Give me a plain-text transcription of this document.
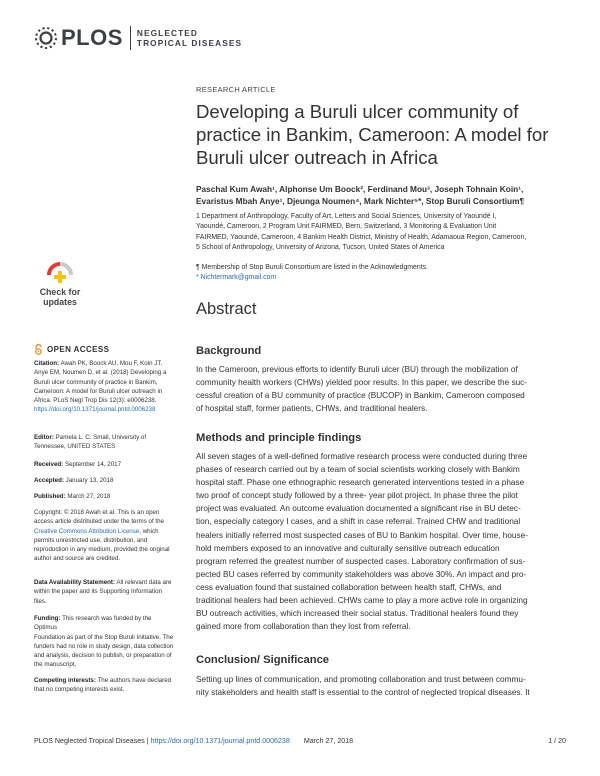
PLOS NEGLECTED
TROPICAL DISEASES
Check for
updates
OPEN ACCESS
Citation: Awah PK, Boock AU, Mou F, Koin JT,
Anye EM, Noumen D, et al. (2018) Developing a
Buruli ulcer community of practice in Bankim,
Cameroon: A model for Buruli ulcer outreach in
Africa. PLoS Negl Trop Dis 12(3): e0006238.
https://doi.org/10.1371/journal.pntd.0006238
Editor: Pamela L. C. Small, University of
Tennessee, UNITED STATES
Received: September 14, 2017
Accepted: January 13, 2018
Published: March 27, 2018
Copyright: © 2018 Awah et al. This is an open
access article distributed under the terms of the
Creative Commons Attribution License, which
permits unrestricted use, distribution, and
reproduction in any medium, provided the original
author and source are credited.
Data Availability Statement: All relevant data are
within the paper and its Supporting Information
files.
Funding: This research was funded by the Optimus
Foundation as part of the Stop Buruli Initiative. The
funders had no role in study design, data collection
and analysis, decision to publish, or preparation of
the manuscript.
Competing interests: The authors have declared
that no competing interests exist.
RESEARCH ARTICLE
Developing a Buruli ulcer community of practice in Bankim, Cameroon: A model for Buruli ulcer outreach in Africa
Paschal Kum Awah¹, Alphonse Um Boock², Ferdinand Mou³, Joseph Tohnain Koin¹,
Evaristus Mbah Anye¹, Djeunga Noumen⁴, Mark Nichter⁵*, Stop Buruli Consortium¶
1 Department of Anthropology, Faculty of Art, Letters and Social Sciences, University of Yaoundé I,
Yaoundé, Cameroon, 2 Program Unit FAIRMED, Bern, Switzerland, 3 Monitoring & Evaluation Unit
FAIRMED, Yaoundé, Cameroon, 4 Bankim Health District, Ministry of Health, Adamaoua Region, Cameroon,
5 School of Anthropology, University of Arizona, Tucson, United States of America
¶ Membership of Stop Buruli Consortium are listed in the Acknowledgments.
* Nichtermark@gmail.com
Abstract
Background
In the Cameroon, previous efforts to identify Buruli ulcer (BU) through the mobilization of
community health workers (CHWs) yielded poor results. In this paper, we describe the suc-
cessful creation of a BU community of practice (BUCOP) in Bankim, Cameroon composed
of hospital staff, former patients, CHWs, and traditional healers.
Methods and principle findings
All seven stages of a well-defined formative research process were conducted during three
phases of research carried out by a team of social scientists working closely with Bankim
hospital staff. Phase one ethnographic research generated interventions tested in a phase
two proof of concept study followed by a three- year pilot project. In phase three the pilot
project was evaluated. An outcome evaluation documented a significant rise in BU detec-
tion, especially category I cases, and a shift in case referral. Trained CHW and traditional
healers initially referred most suspected cases of BU to Bankim hospital. Over time, house-
hold members exposed to an innovative and culturally sensitive outreach education
program referred the greatest number of suspected cases. Laboratory confirmation of sus-
pected BU cases referred by community stakeholders was above 30%. An impact and pro-
cess evaluation found that sustained collaboration between health staff, CHWs, and
traditional healers had been achieved. CHWs came to play a more active role in organizing
BU outreach activities, which increased their social status. Traditional healers found they
gained more from collaboration than they lost from referral.
Conclusion/ Significance
Setting up lines of communication, and promoting collaboration and trust between commu-
nity stakeholders and health staff is essential to the control of neglected tropical diseases. It
PLOS Neglected Tropical Diseases | https://doi.org/10.1371/journal.pntd.0006238 March 27, 2018	1 / 20
